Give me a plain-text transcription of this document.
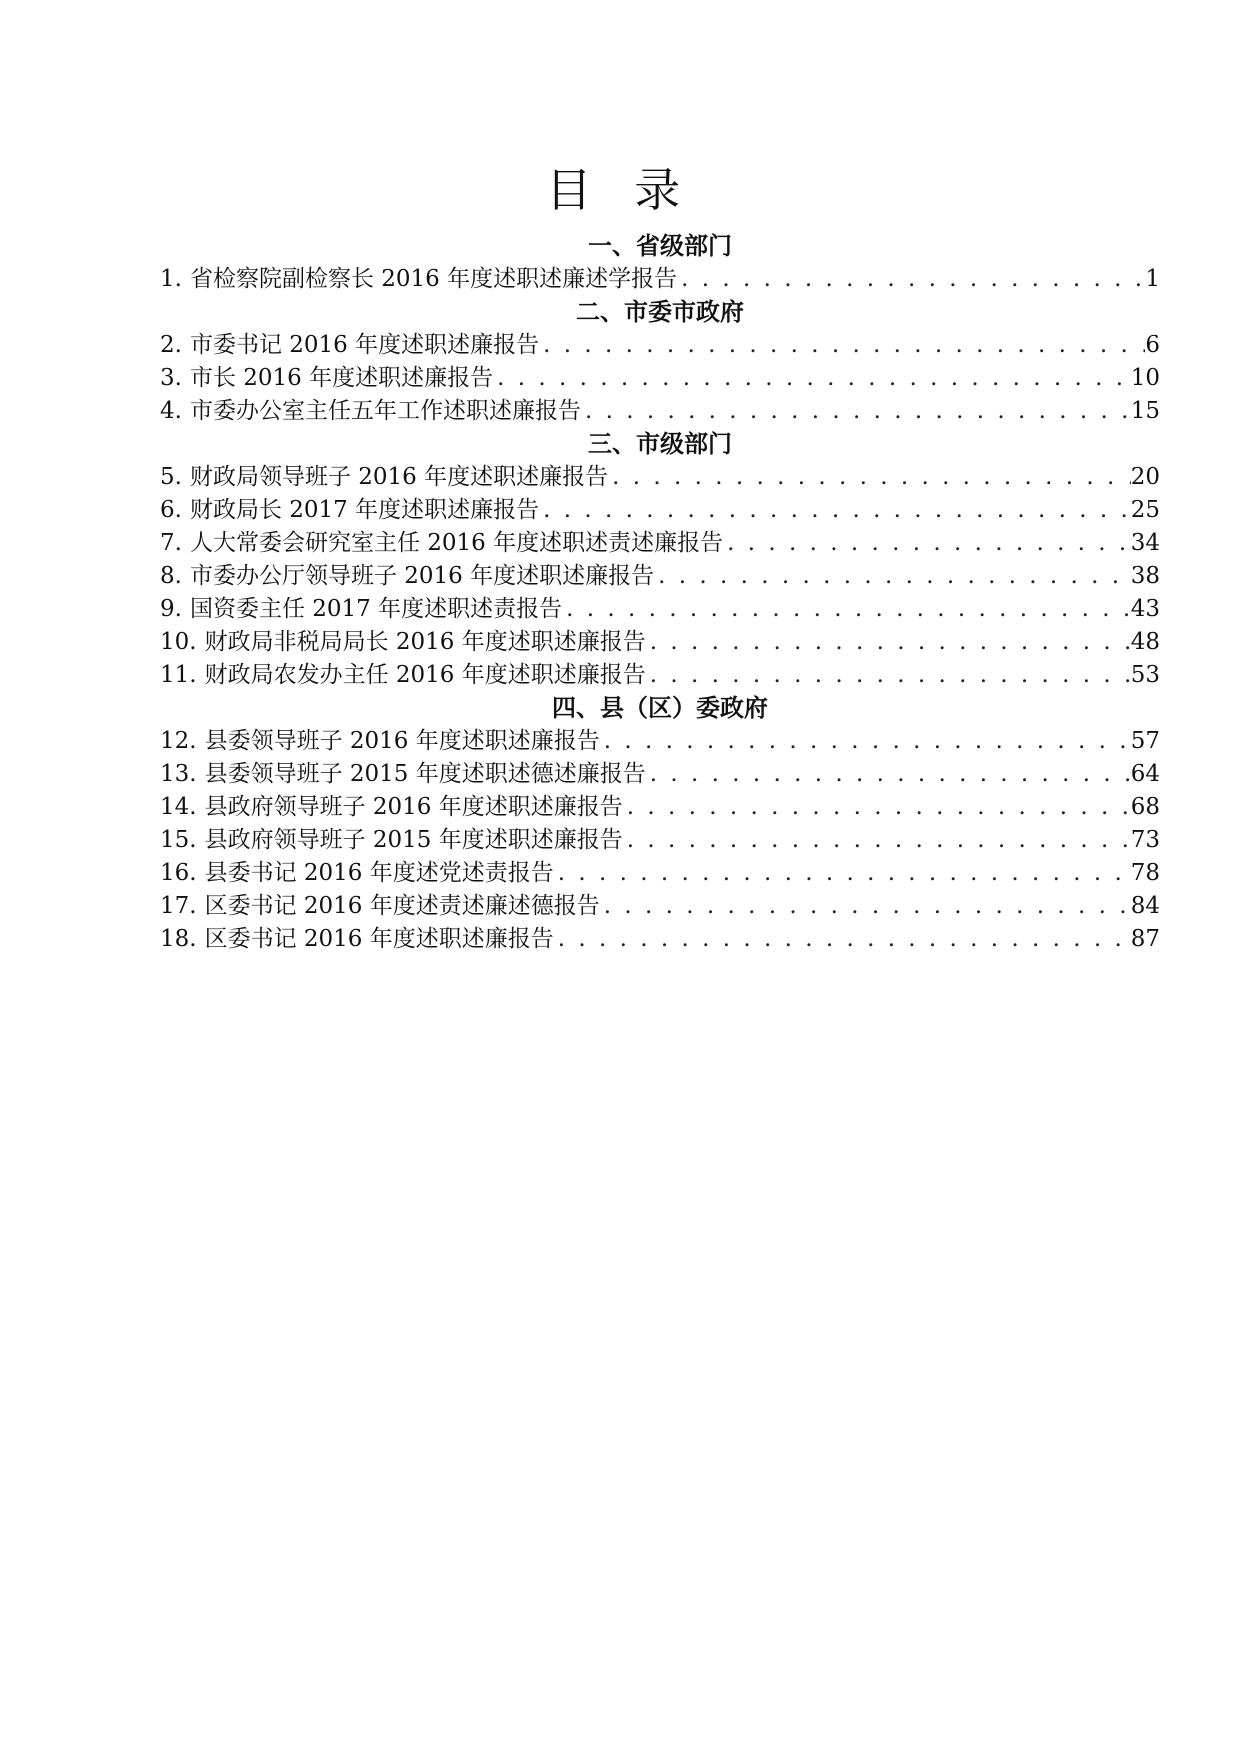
目 录
一、省级部门
1. 省检察院副检察长 2016 年度述职述廉述学报告 . . .	1
二、市委市政府
2. 市委书记 2016 年度述职述廉报告 . . .	6
3. 市长 2016 年度述职述廉报告 . . .	10
4. 市委办公室主任五年工作述职述廉报告 . . .	15
三、市级部门
5. 财政局领导班子 2016 年度述职述廉报告 . . .	20
6. 财政局长 2017 年度述职述廉报告 . . .	25
7. 人大常委会研究室主任 2016 年度述职述责述廉报告 . . .	34
8. 市委办公厅领导班子 2016 年度述职述廉报告 . . .	38
9. 国资委主任 2017 年度述职述责报告 . . .	43
10. 财政局非税局局长 2016 年度述职述廉报告 . . .	48
11. 财政局农发办主任 2016 年度述职述廉报告 . . .	53
四、县（区）委政府
12. 县委领导班子 2016 年度述职述廉报告 . . .	57
13. 县委领导班子 2015 年度述职述德述廉报告 . . .	64
14. 县政府领导班子 2016 年度述职述廉报告 . . .	68
15. 县政府领导班子 2015 年度述职述廉报告 . . .	73
16. 县委书记 2016 年度述党述责报告 . . .	78
17. 区委书记 2016 年度述责述廉述德报告 . . .	84
18. 区委书记 2016 年度述职述廉报告 . . .	87
